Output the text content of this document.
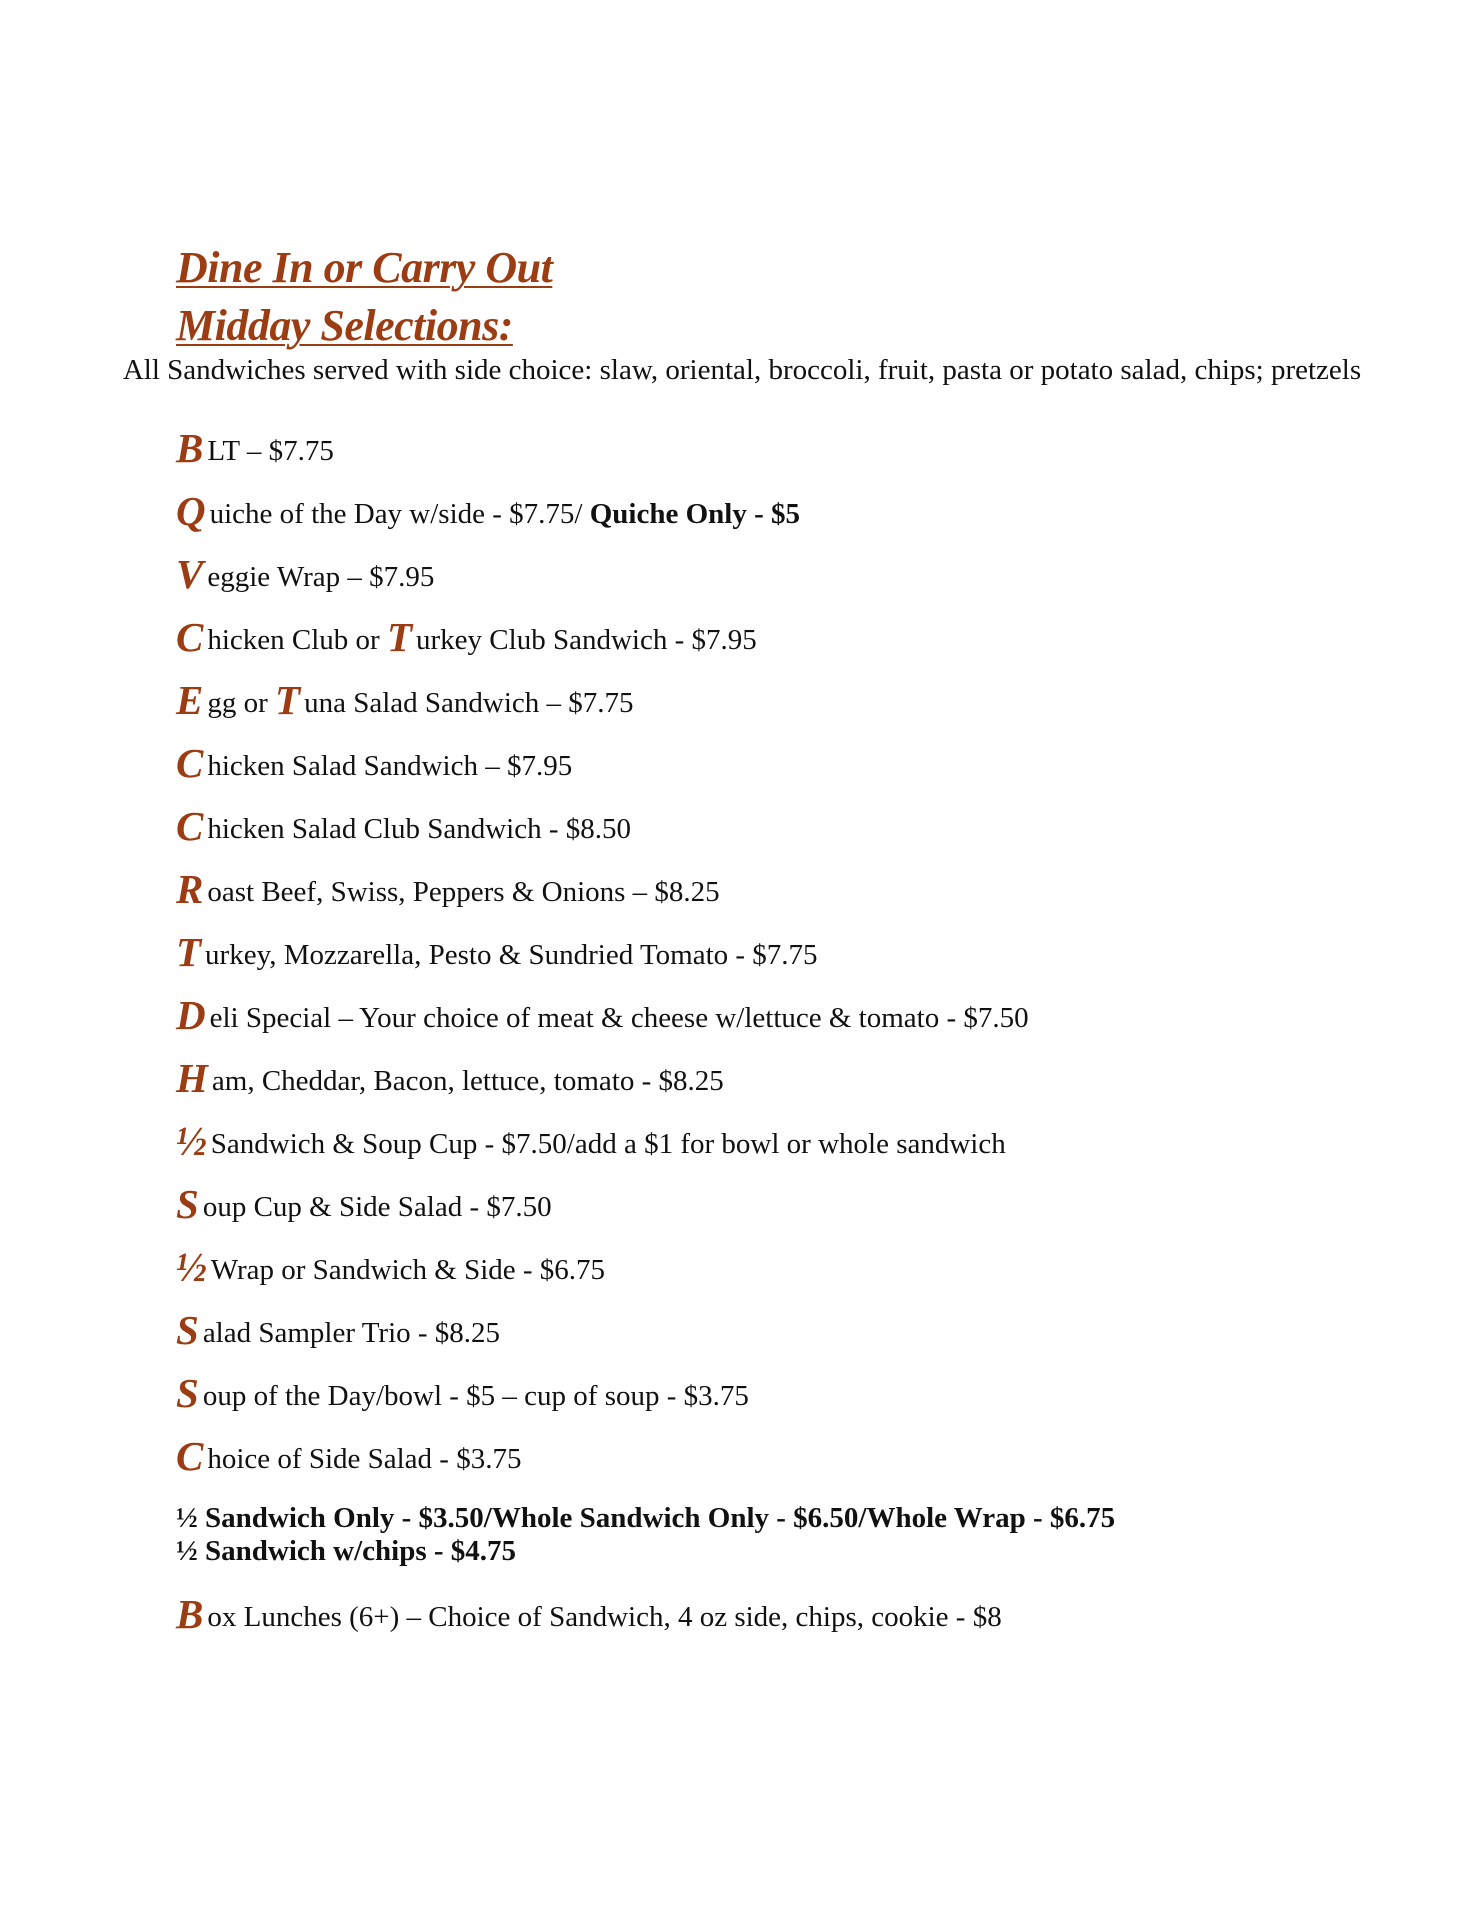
Dine In or Carry Out
Midday Selections:
All Sandwiches served with side choice: slaw, oriental, broccoli, fruit, pasta or potato salad, chips; pretzels
B LT – $7.75
Q uiche of the Day w/side - $7.75/ Quiche Only - $5
V eggie Wrap – $7.95
C hicken Club or T urkey Club Sandwich - $7.95
E gg or T una Salad Sandwich – $7.75
C hicken Salad Sandwich – $7.95
C hicken Salad Club Sandwich - $8.50
R oast Beef, Swiss, Peppers & Onions – $8.25
T urkey, Mozzarella, Pesto & Sundried Tomato - $7.75
D eli Special – Your choice of meat & cheese w/lettuce & tomato - $7.50
H am, Cheddar, Bacon, lettuce, tomato - $8.25
½ Sandwich & Soup Cup - $7.50/add a $1 for bowl or whole sandwich
S oup Cup & Side Salad - $7.50
½ Wrap or Sandwich & Side - $6.75
S alad Sampler Trio - $8.25
S oup of the Day/bowl - $5 – cup of soup - $3.75
C hoice of Side Salad - $3.75
½ Sandwich Only - $3.50/Whole Sandwich Only - $6.50/Whole Wrap - $6.75
½ Sandwich w/chips - $4.75
B ox Lunches (6+) – Choice of Sandwich, 4 oz side, chips, cookie - $8
